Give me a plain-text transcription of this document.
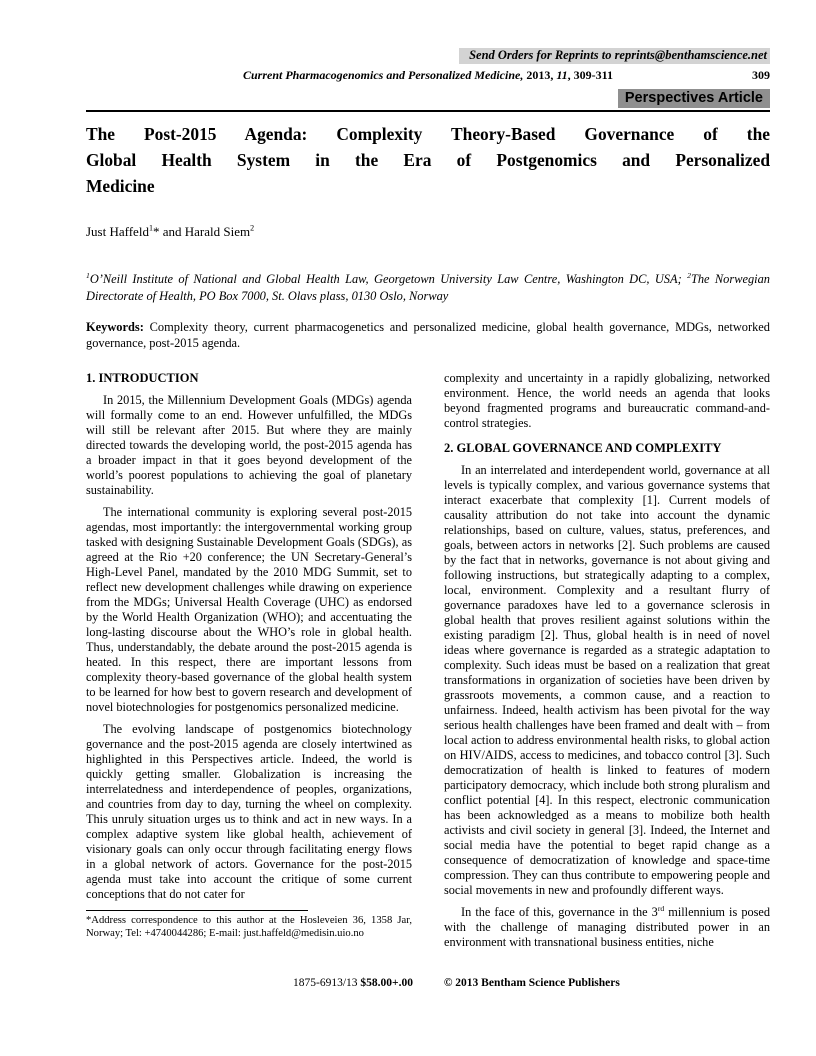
Send Orders for Reprints to reprints@benthamscience.net
Current Pharmacogenomics and Personalized Medicine, 2013, 11, 309-311	309
Perspectives Article
The Post-2015 Agenda: Complexity Theory-Based Governance of the
Global Health System in the Era of Postgenomics and Personalized
Medicine
Just Haffeld$^1$* and Harald Siem$^2$
$^1$O’Neill Institute of National and Global Health Law, Georgetown University Law Centre, Washington DC, USA; $^2$The Norwegian Directorate of Health, PO Box 7000, St. Olavs plass, 0130 Oslo, Norway
Keywords: Complexity theory, current pharmacogenetics and personalized medicine, global health governance, MDGs, networked governance, post-2015 agenda.
1. INTRODUCTION

In 2015, the Millennium Development Goals (MDGs) agenda will formally come to an end. However unfulfilled, the MDGs will still be relevant after 2015. But where they are mainly directed towards the developing world, the post-2015 agenda has a broader impact in that it goes beyond development of the world’s poorest populations to achieving the goal of planetary sustainability.

The international community is exploring several post-2015 agendas, most importantly: the intergovernmental working group tasked with designing Sustainable Development Goals (SDGs), as agreed at the Rio +20 conference; the UN Secretary-General’s High-Level Panel, mandated by the 2010 MDG Summit, set to reflect new development challenges while drawing on experience from the MDGs; Universal Health Coverage (UHC) as endorsed by the World Health Organization (WHO); and accentuating the long-lasting discourse about the WHO’s role in global health. Thus, understandably, the debate around the post-2015 agenda is heated. In this respect, there are important lessons from complexity theory-based governance of the global health system to be learned for how best to govern research and development of novel biotechnologies for postgenomics personalized medicine.

The evolving landscape of postgenomics biotechnology governance and the post-2015 agenda are closely intertwined as highlighted in this Perspectives article. Indeed, the world is quickly getting smaller. Globalization is increasing the interrelatedness and interdependence of peoples, organizations, and countries from day to day, turning the wheel on complexity. This unruly situation urges us to think and act in new ways. In a complex adaptive system like global health, achievement of visionary goals can only occur through facilitating energy flows in a global network of actors. Governance for the post-2015 agenda must take into account the critique of some current conceptions that do not cater for

*Address correspondence to this author at the Hosleveien 36, 1358 Jar, Norway; Tel: +4740044286; E-mail: just.haffeld@medisin.uio.no

complexity and uncertainty in a rapidly globalizing, networked environment. Hence, the world needs an agenda that looks beyond fragmented programs and bureaucratic command-and-control strategies.

2. GLOBAL GOVERNANCE AND COMPLEXITY

In an interrelated and interdependent world, governance at all levels is typically complex, and various governance systems that interact exacerbate that complexity [1]. Current models of causality attribution do not take into account the dynamic relationships, based on culture, values, status, preferences, and goals, between actors in networks [2]. Such problems are caused by the fact that in networks, governance is not about giving and following instructions, but strategically adapting to a complex, local, environment. Complexity and a resultant flurry of governance paradoxes have led to a governance sclerosis in global health that proves resilient against solutions within the existing paradigm [2]. Thus, global health is in need of novel ideas where governance is regarded as a strategic adaptation to complexity. Such ideas must be based on a realization that great transformations in organization of societies have been driven by grassroots movements, a common cause, and a reaction to unfairness. Indeed, health activism has been pivotal for the way serious health challenges have been framed and dealt with – from local action to address environmental health risks, to global action on HIV/AIDS, access to medicines, and tobacco control [3]. Such democratization of health is linked to features of modern participatory democracy, which include both strong pluralism and conflict potential [4]. In this respect, electronic communication has been acknowledged as a means to mobilize both health activists and civil society in general [3]. Indeed, the Internet and social media have the potential to beget rapid change as a consequence of democratization of knowledge and space-time compression. They can thus contribute to empowering people and social movements in new and profoundly different ways.

In the face of this, governance in the 3rd millennium is posed with the challenge of managing distributed power in an environment with transnational business entities, niche

1875-6913/13 $58.00+.00	© 2013 Bentham Science Publishers
